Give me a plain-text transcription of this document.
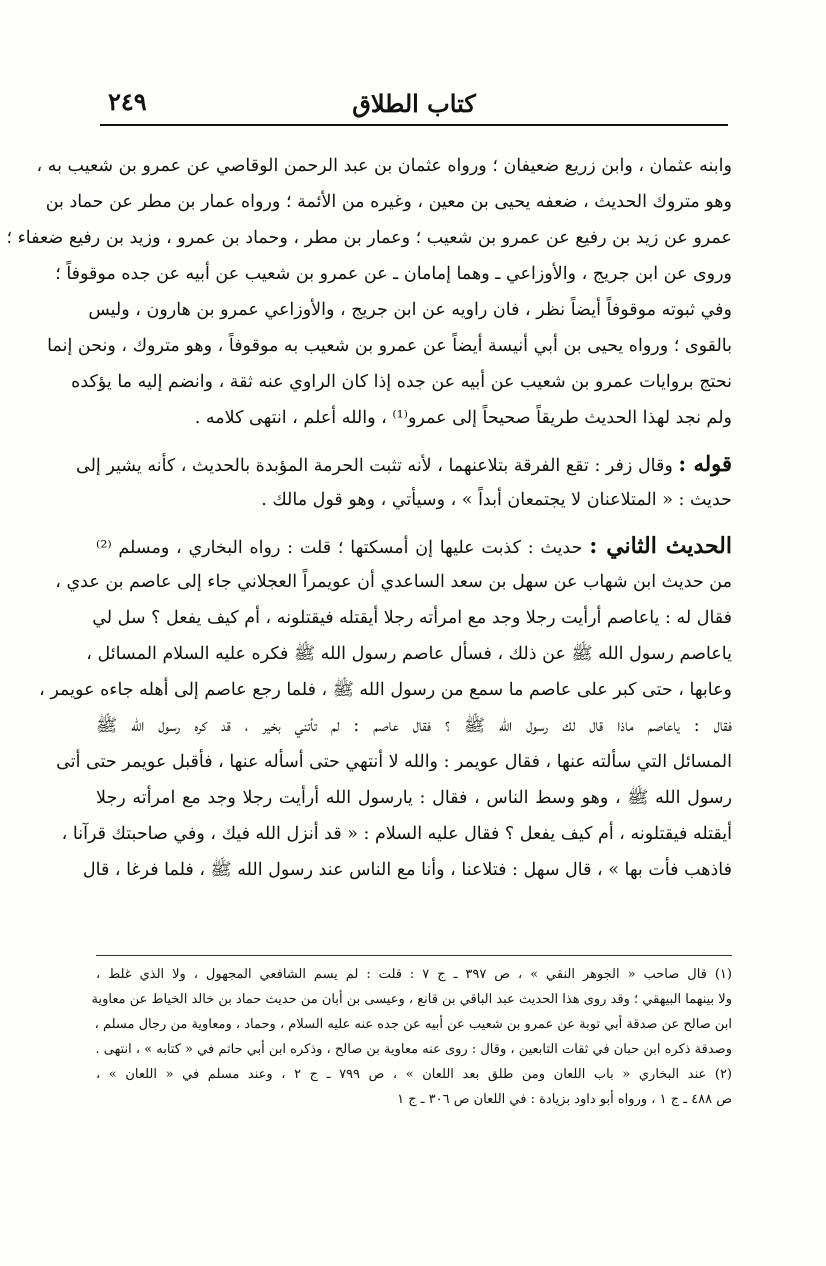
كتاب الطلاق
٢٤٩
وابنه عثمان ، وابن زريع ضعيفان ؛ ورواه عثمان بن عبد الرحمن الوقاصي عن عمرو بن شعيب به ،
وهو متروك الحديث ، ضعفه يحيى بن معين ، وغيره من الأئمة ؛ ورواه عمار بن مطر عن حماد بن
عمرو عن زيد بن رفيع عن عمرو بن شعيب ؛ وعمار بن مطر ، وحماد بن عمرو ، وزيد بن رفيع ضعفاء ؛
وروى عن ابن جريج ، والأوزاعي ـ وهما إمامان ـ عن عمرو بن شعيب عن أبيه عن جده موقوفاً ؛
وفي ثبوته موقوفاً أيضاً نظر ، فان راويه عن ابن جريج ، والأوزاعي عمرو بن هارون ، وليس
بالقوى ؛ ورواه يحيى بن أبي أنيسة أيضاً عن عمرو بن شعيب به موقوفاً ، وهو متروك ، ونحن إنما
نحتج بروايات عمرو بن شعيب عن أبيه عن جده إذا كان الراوي عنه ثقة ، وانضم إليه ما يؤكده
ولم نجد لهذا الحديث طريقاً صحيحاً إلى عمرو⁽¹⁾ ، والله أعلم ، انتهى كلامه .
قوله : وقال زفر : تقع الفرقة بتلاعنهما ، لأنه تثبت الحرمة المؤبدة بالحديث ، كأنه يشير إلى
حديث : « المتلاعنان لا يجتمعان أبداً » ، وسيأتي ، وهو قول مالك .
الحديث الثاني : حديث : كذبت عليها إن أمسكتها ؛ قلت : رواه البخاري ، ومسلم ⁽²⁾
من حديث ابن شهاب عن سهل بن سعد الساعدي أن عويمراً العجلاني جاء إلى عاصم بن عدي ،
فقال له : ياعاصم أرأيت رجلا وجد مع امرأته رجلا أيقتله فيقتلونه ، أم كيف يفعل ؟ سل لي
ياعاصم رسول الله ﷺ عن ذلك ، فسأل عاصم رسول الله ﷺ فكره عليه السلام المسائل ،
وعابها ، حتى كبر على عاصم ما سمع من رسول الله ﷺ ، فلما رجع عاصم إلى أهله جاءه عويمر ،
فقال : ياعاصم ماذا قال لك رسول الله ﷺ ؟ فقال عاصم : لم تأتني بخير ، قد كره رسول الله ﷺ
المسائل التي سألته عنها ، فقال عويمر : والله لا أنتهي حتى أسأله عنها ، فأقبل عويمر حتى أتى
رسول الله ﷺ ، وهو وسط الناس ، فقال : يارسول الله أرأيت رجلا وجد مع امرأته رجلا
أيقتله فيقتلونه ، أم كيف يفعل ؟ فقال عليه السلام : « قد أنزل الله فيك ، وفي صاحبتك قرآنا ،
فاذهب فأت بها » ، قال سهل : فتلاعنا ، وأنا مع الناس عند رسول الله ﷺ ، فلما فرغا ، قال
(١) قال صاحب « الجوهر النقي » ، ص ٣٩٧ ـ ج ٧ : قلت : لم يسم الشافعي المجهول ، ولا الذي غلط ،
ولا بينهما البيهقي ؛ وقد روى هذا الحديث عبد الباقي بن قانع ، وعيسى بن أبان من حديث حماد بن خالد الخياط عن معاوية
ابن صالح عن صدقة أبي توبة عن عمرو بن شعيب عن أبيه عن جده عنه عليه السلام ، وحماد ، ومعاوية من رجال مسلم ،
وصدقة ذكره ابن حبان في ثقات التابعين ، وقال : روى عنه معاوية بن صالح ، وذكره ابن أبي حاتم في « كتابه » ، انتهى .
(٢) عند البخاري « باب اللعان ومن طلق بعد اللعان » ، ص ٧٩٩ ـ ج ٢ ، وعند مسلم في « اللعان » ،
ص ٤٨٨ ـ ج ١ ، ورواه أبو داود بزيادة : في اللعان ص ٣٠٦ ـ ج ١
